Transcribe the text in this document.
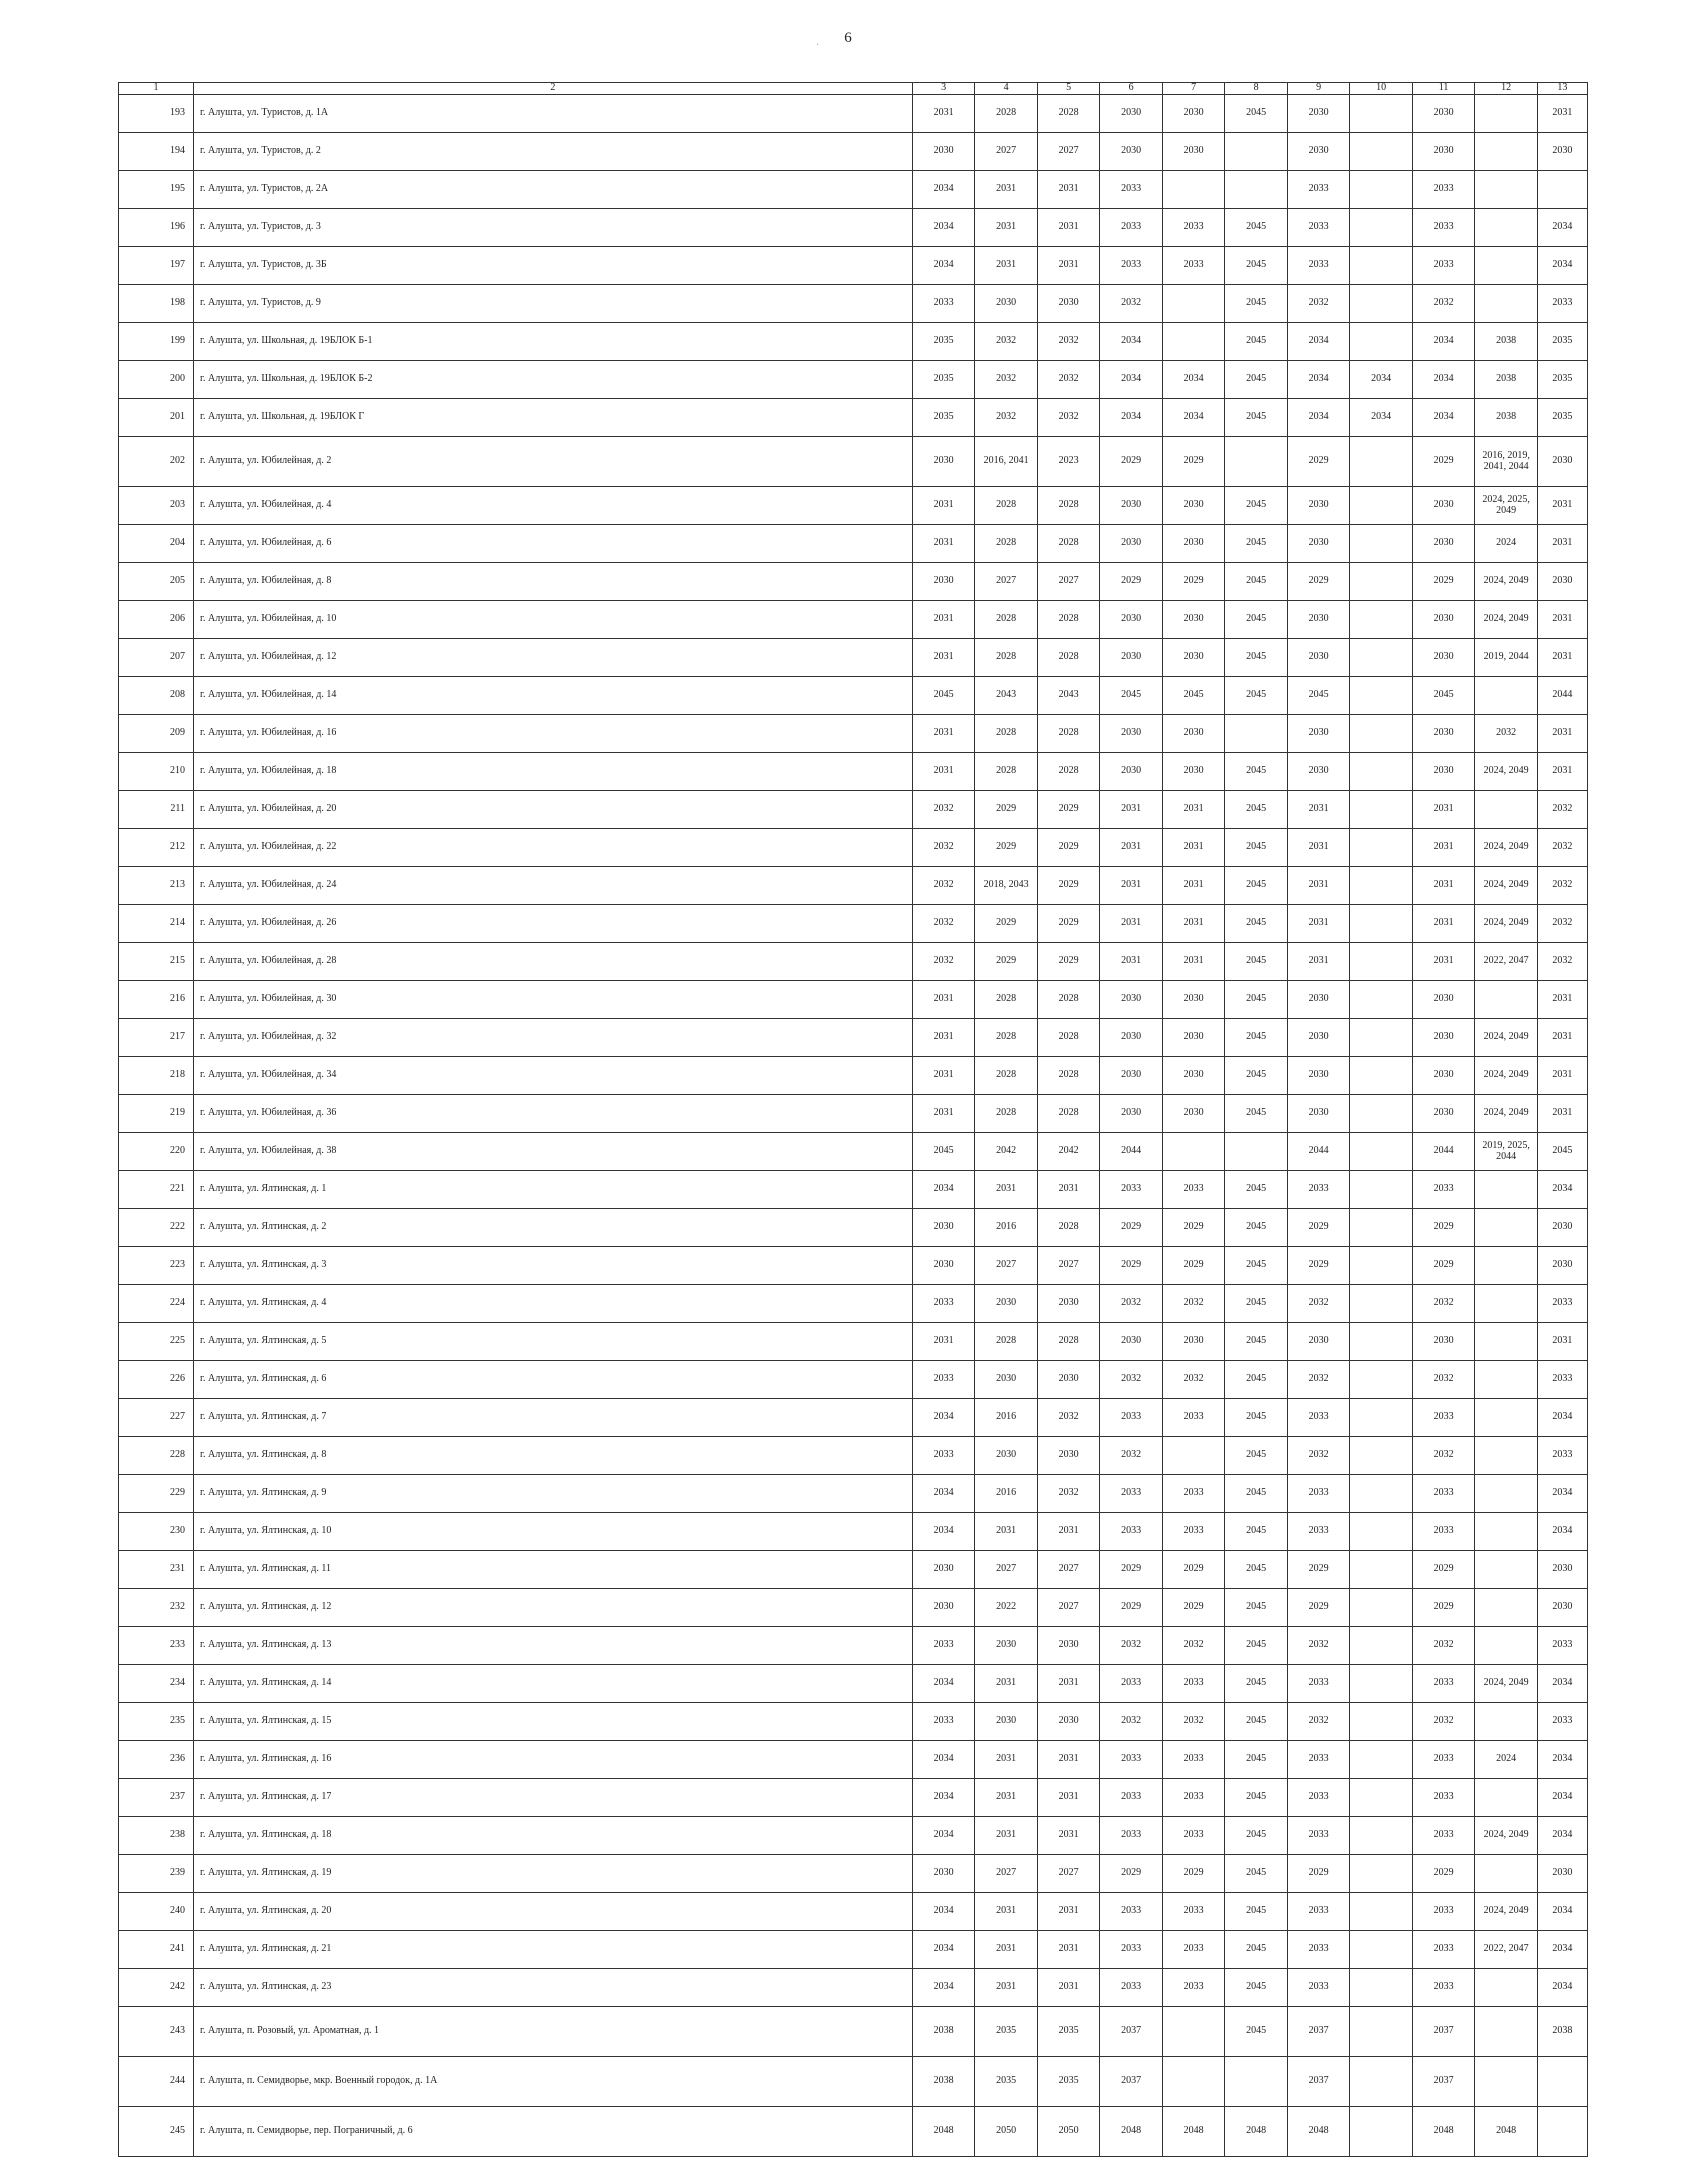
6
·
1	2	3	4	5	6	7	8	9	10	11	12	13
193	г. Алушта, ул. Туристов, д. 1А	2031	2028	2028	2030	2030	2045	2030		2030		2031
194	г. Алушта, ул. Туристов, д. 2	2030	2027	2027	2030	2030		2030		2030		2030
195	г. Алушта, ул. Туристов, д. 2А	2034	2031	2031	2033			2033		2033		
196	г. Алушта, ул. Туристов, д. 3	2034	2031	2031	2033	2033	2045	2033		2033		2034
197	г. Алушта, ул. Туристов, д. 3Б	2034	2031	2031	2033	2033	2045	2033		2033		2034
198	г. Алушта, ул. Туристов, д. 9	2033	2030	2030	2032		2045	2032		2032		2033
199	г. Алушта, ул. Школьная, д. 19БЛОК Б-1	2035	2032	2032	2034		2045	2034		2034	2038	2035
200	г. Алушта, ул. Школьная, д. 19БЛОК Б-2	2035	2032	2032	2034	2034	2045	2034	2034	2034	2038	2035
201	г. Алушта, ул. Школьная, д. 19БЛОК Г	2035	2032	2032	2034	2034	2045	2034	2034	2034	2038	2035
202	г. Алушта, ул. Юбилейная, д. 2	2030	2016, 2041	2023	2029	2029		2029		2029	2016, 2019, 2041, 2044	2030
203	г. Алушта, ул. Юбилейная, д. 4	2031	2028	2028	2030	2030	2045	2030		2030	2024, 2025, 2049	2031
204	г. Алушта, ул. Юбилейная, д. 6	2031	2028	2028	2030	2030	2045	2030		2030	2024	2031
205	г. Алушта, ул. Юбилейная, д. 8	2030	2027	2027	2029	2029	2045	2029		2029	2024, 2049	2030
206	г. Алушта, ул. Юбилейная, д. 10	2031	2028	2028	2030	2030	2045	2030		2030	2024, 2049	2031
207	г. Алушта, ул. Юбилейная, д. 12	2031	2028	2028	2030	2030	2045	2030		2030	2019, 2044	2031
208	г. Алушта, ул. Юбилейная, д. 14	2045	2043	2043	2045	2045	2045	2045		2045		2044
209	г. Алушта, ул. Юбилейная, д. 16	2031	2028	2028	2030	2030		2030		2030	2032	2031
210	г. Алушта, ул. Юбилейная, д. 18	2031	2028	2028	2030	2030	2045	2030		2030	2024, 2049	2031
211	г. Алушта, ул. Юбилейная, д. 20	2032	2029	2029	2031	2031	2045	2031		2031		2032
212	г. Алушта, ул. Юбилейная, д. 22	2032	2029	2029	2031	2031	2045	2031		2031	2024, 2049	2032
213	г. Алушта, ул. Юбилейная, д. 24	2032	2018, 2043	2029	2031	2031	2045	2031		2031	2024, 2049	2032
214	г. Алушта, ул. Юбилейная, д. 26	2032	2029	2029	2031	2031	2045	2031		2031	2024, 2049	2032
215	г. Алушта, ул. Юбилейная, д. 28	2032	2029	2029	2031	2031	2045	2031		2031	2022, 2047	2032
216	г. Алушта, ул. Юбилейная, д. 30	2031	2028	2028	2030	2030	2045	2030		2030		2031
217	г. Алушта, ул. Юбилейная, д. 32	2031	2028	2028	2030	2030	2045	2030		2030	2024, 2049	2031
218	г. Алушта, ул. Юбилейная, д. 34	2031	2028	2028	2030	2030	2045	2030		2030	2024, 2049	2031
219	г. Алушта, ул. Юбилейная, д. 36	2031	2028	2028	2030	2030	2045	2030		2030	2024, 2049	2031
220	г. Алушта, ул. Юбилейная, д. 38	2045	2042	2042	2044			2044		2044	2019, 2025, 2044	2045
221	г. Алушта, ул. Ялтинская, д. 1	2034	2031	2031	2033	2033	2045	2033		2033		2034
222	г. Алушта, ул. Ялтинская, д. 2	2030	2016	2028	2029	2029	2045	2029		2029		2030
223	г. Алушта, ул. Ялтинская, д. 3	2030	2027	2027	2029	2029	2045	2029		2029		2030
224	г. Алушта, ул. Ялтинская, д. 4	2033	2030	2030	2032	2032	2045	2032		2032		2033
225	г. Алушта, ул. Ялтинская, д. 5	2031	2028	2028	2030	2030	2045	2030		2030		2031
226	г. Алушта, ул. Ялтинская, д. 6	2033	2030	2030	2032	2032	2045	2032		2032		2033
227	г. Алушта, ул. Ялтинская, д. 7	2034	2016	2032	2033	2033	2045	2033		2033		2034
228	г. Алушта, ул. Ялтинская, д. 8	2033	2030	2030	2032		2045	2032		2032		2033
229	г. Алушта, ул. Ялтинская, д. 9	2034	2016	2032	2033	2033	2045	2033		2033		2034
230	г. Алушта, ул. Ялтинская, д. 10	2034	2031	2031	2033	2033	2045	2033		2033		2034
231	г. Алушта, ул. Ялтинская, д. 11	2030	2027	2027	2029	2029	2045	2029		2029		2030
232	г. Алушта, ул. Ялтинская, д. 12	2030	2022	2027	2029	2029	2045	2029		2029		2030
233	г. Алушта, ул. Ялтинская, д. 13	2033	2030	2030	2032	2032	2045	2032		2032		2033
234	г. Алушта, ул. Ялтинская, д. 14	2034	2031	2031	2033	2033	2045	2033		2033	2024, 2049	2034
235	г. Алушта, ул. Ялтинская, д. 15	2033	2030	2030	2032	2032	2045	2032		2032		2033
236	г. Алушта, ул. Ялтинская, д. 16	2034	2031	2031	2033	2033	2045	2033		2033	2024	2034
237	г. Алушта, ул. Ялтинская, д. 17	2034	2031	2031	2033	2033	2045	2033		2033		2034
238	г. Алушта, ул. Ялтинская, д. 18	2034	2031	2031	2033	2033	2045	2033		2033	2024, 2049	2034
239	г. Алушта, ул. Ялтинская, д. 19	2030	2027	2027	2029	2029	2045	2029		2029		2030
240	г. Алушта, ул. Ялтинская, д. 20	2034	2031	2031	2033	2033	2045	2033		2033	2024, 2049	2034
241	г. Алушта, ул. Ялтинская, д. 21	2034	2031	2031	2033	2033	2045	2033		2033	2022, 2047	2034
242	г. Алушта, ул. Ялтинская, д. 23	2034	2031	2031	2033	2033	2045	2033		2033		2034
243	г. Алушта, п. Розовый, ул. Ароматная, д. 1	2038	2035	2035	2037		2045	2037		2037		2038
244	г. Алушта, п. Семидворье, мкр. Военный городок, д. 1А	2038	2035	2035	2037			2037		2037		
245	г. Алушта, п. Семидворье, пер. Пограничный, д. 6	2048	2050	2050	2048	2048	2048	2048		2048	2048	
